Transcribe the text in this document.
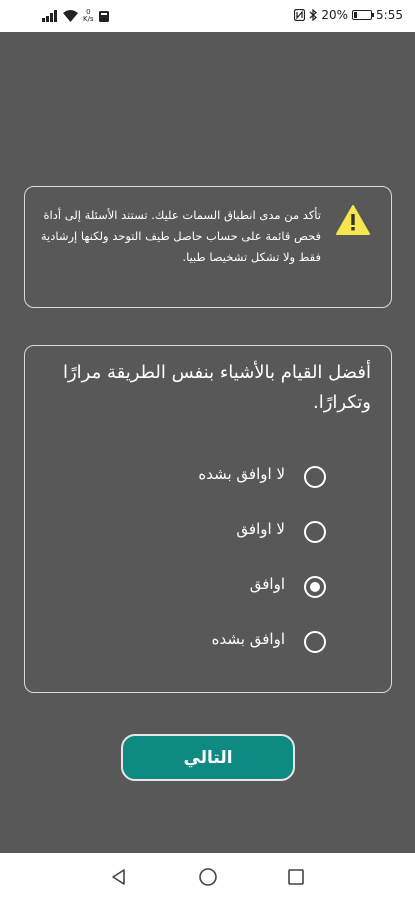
0
K/s	20% 5:55
تأكد من مدى انطباق السمات عليك. تستند الأسئلة إلى أداة فحص قائمة على حساب حاصل طيف التوحد ولكنها إرشادية فقط ولا تشكل تشخيصا طبيا.
أفضل القيام بالأشياء بنفس الطريقة مرارًا وتكرارًا.
لا اوافق بشده
لا اوافق
اوافق
اوافق بشده
التالي
